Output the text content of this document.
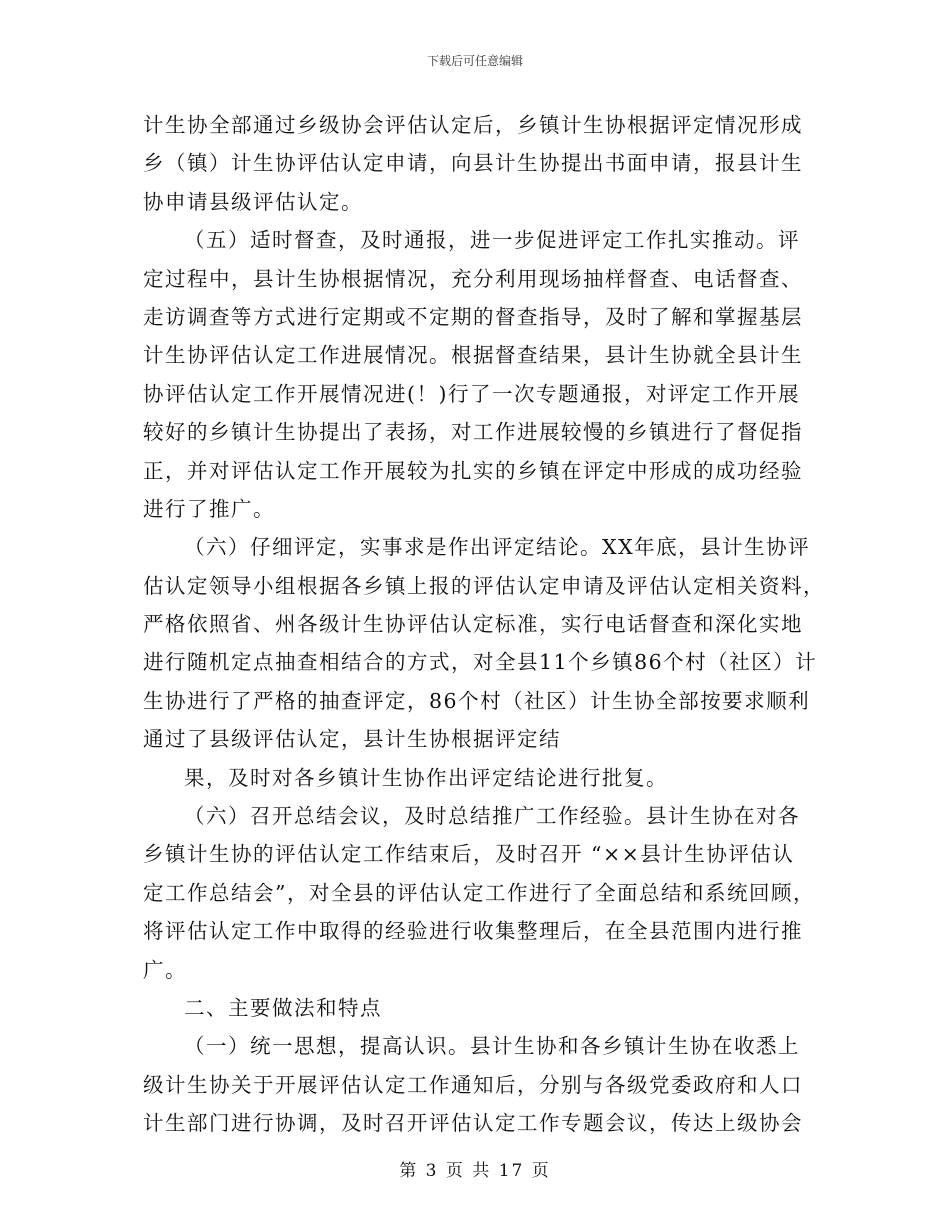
下载后可任意编辑
计生协全部通过乡级协会评估认定后，乡镇计生协根据评定情况形成
乡（镇）计生协评估认定申请，向县计生协提出书面申请，报县计生
协申请县级评估认定。
（五）适时督查，及时通报，进一步促进评定工作扎实推动。评
定过程中，县计生协根据情况，充分利用现场抽样督查、电话督查、
走访调查等方式进行定期或不定期的督查指导，及时了解和掌握基层
计生协评估认定工作进展情况。根据督查结果，县计生协就全县计生
协评估认定工作开展情况进(！)行了一次专题通报，对评定工作开展
较好的乡镇计生协提出了表扬，对工作进展较慢的乡镇进行了督促指
正，并对评估认定工作开展较为扎实的乡镇在评定中形成的成功经验
进行了推广。
（六）仔细评定，实事求是作出评定结论。XX年底，县计生协评
估认定领导小组根据各乡镇上报的评估认定申请及评估认定相关资料，
严格依照省、州各级计生协评估认定标准，实行电话督查和深化实地
进行随机定点抽查相结合的方式，对全县11个乡镇86个村（社区）计
生协进行了严格的抽查评定，86个村（社区）计生协全部按要求顺利
通过了县级评估认定，县计生协根据评定结
果，及时对各乡镇计生协作出评定结论进行批复。
（六）召开总结会议，及时总结推广工作经验。县计生协在对各
乡镇计生协的评估认定工作结束后，及时召开 “××县计生协评估认
定工作总结会”，对全县的评估认定工作进行了全面总结和系统回顾，
将评估认定工作中取得的经验进行收集整理后，在全县范围内进行推
广。
二、主要做法和特点
（一）统一思想，提高认识。县计生协和各乡镇计生协在收悉上
级计生协关于开展评估认定工作通知后，分别与各级党委政府和人口
计生部门进行协调，及时召开评估认定工作专题会议，传达上级协会
第 3 页 共 17 页
